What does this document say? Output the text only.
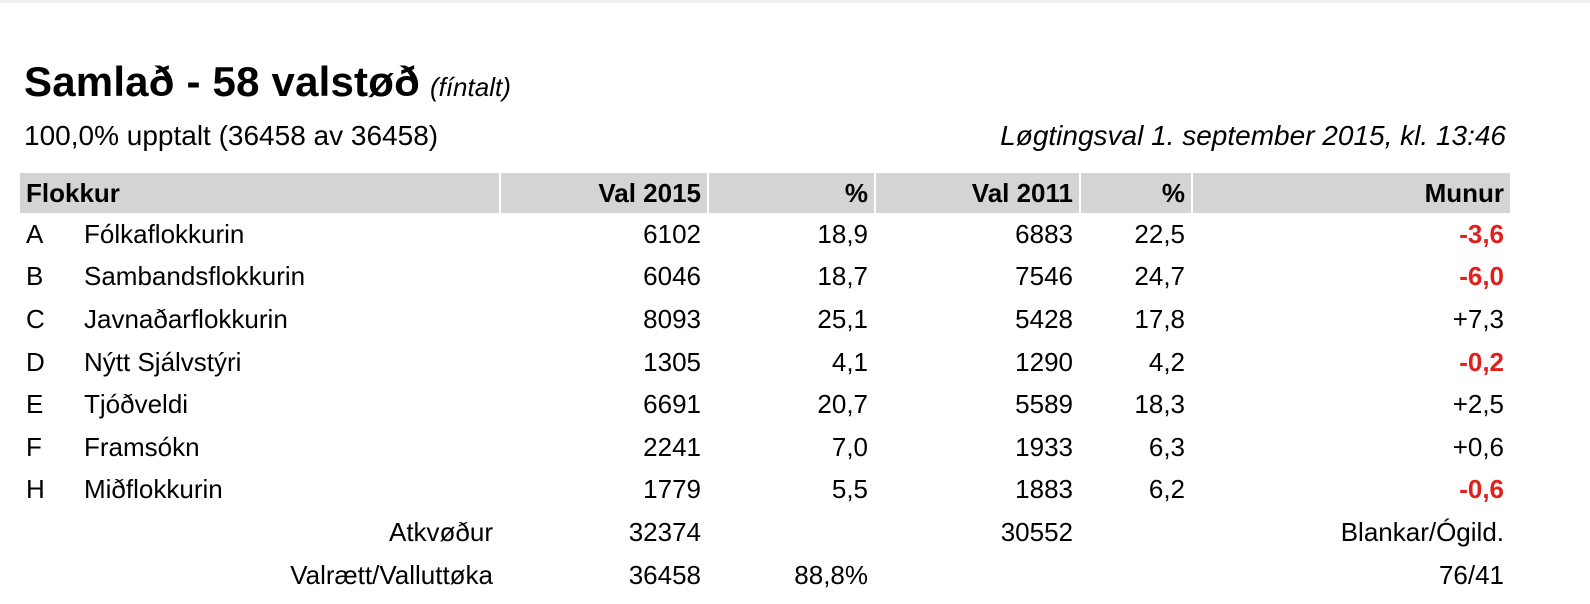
Samlað - 58 valstøð (fíntalt)
100,0% upptalt (36458 av 36458)	Løgtingsval 1. september 2015, kl. 13:46
Flokkur		Val 2015	%	Val 2011	%	Munur
A	Fólkaflokkurin	6102	18,9	6883	22,5	-3,6
B	Sambandsflokkurin	6046	18,7	7546	24,7	-6,0
C	Javnaðarflokkurin	8093	25,1	5428	17,8	+7,3
D	Nýtt Sjálvstýri	1305	4,1	1290	4,2	-0,2
E	Tjóðveldi	6691	20,7	5589	18,3	+2,5
F	Framsókn	2241	7,0	1933	6,3	+0,6
H	Miðflokkurin	1779	5,5	1883	6,2	-0,6
Atkvøður		32374		30552		Blankar/Ógild.
Valrætt/Valluttøka		36458	88,8%			76/41
